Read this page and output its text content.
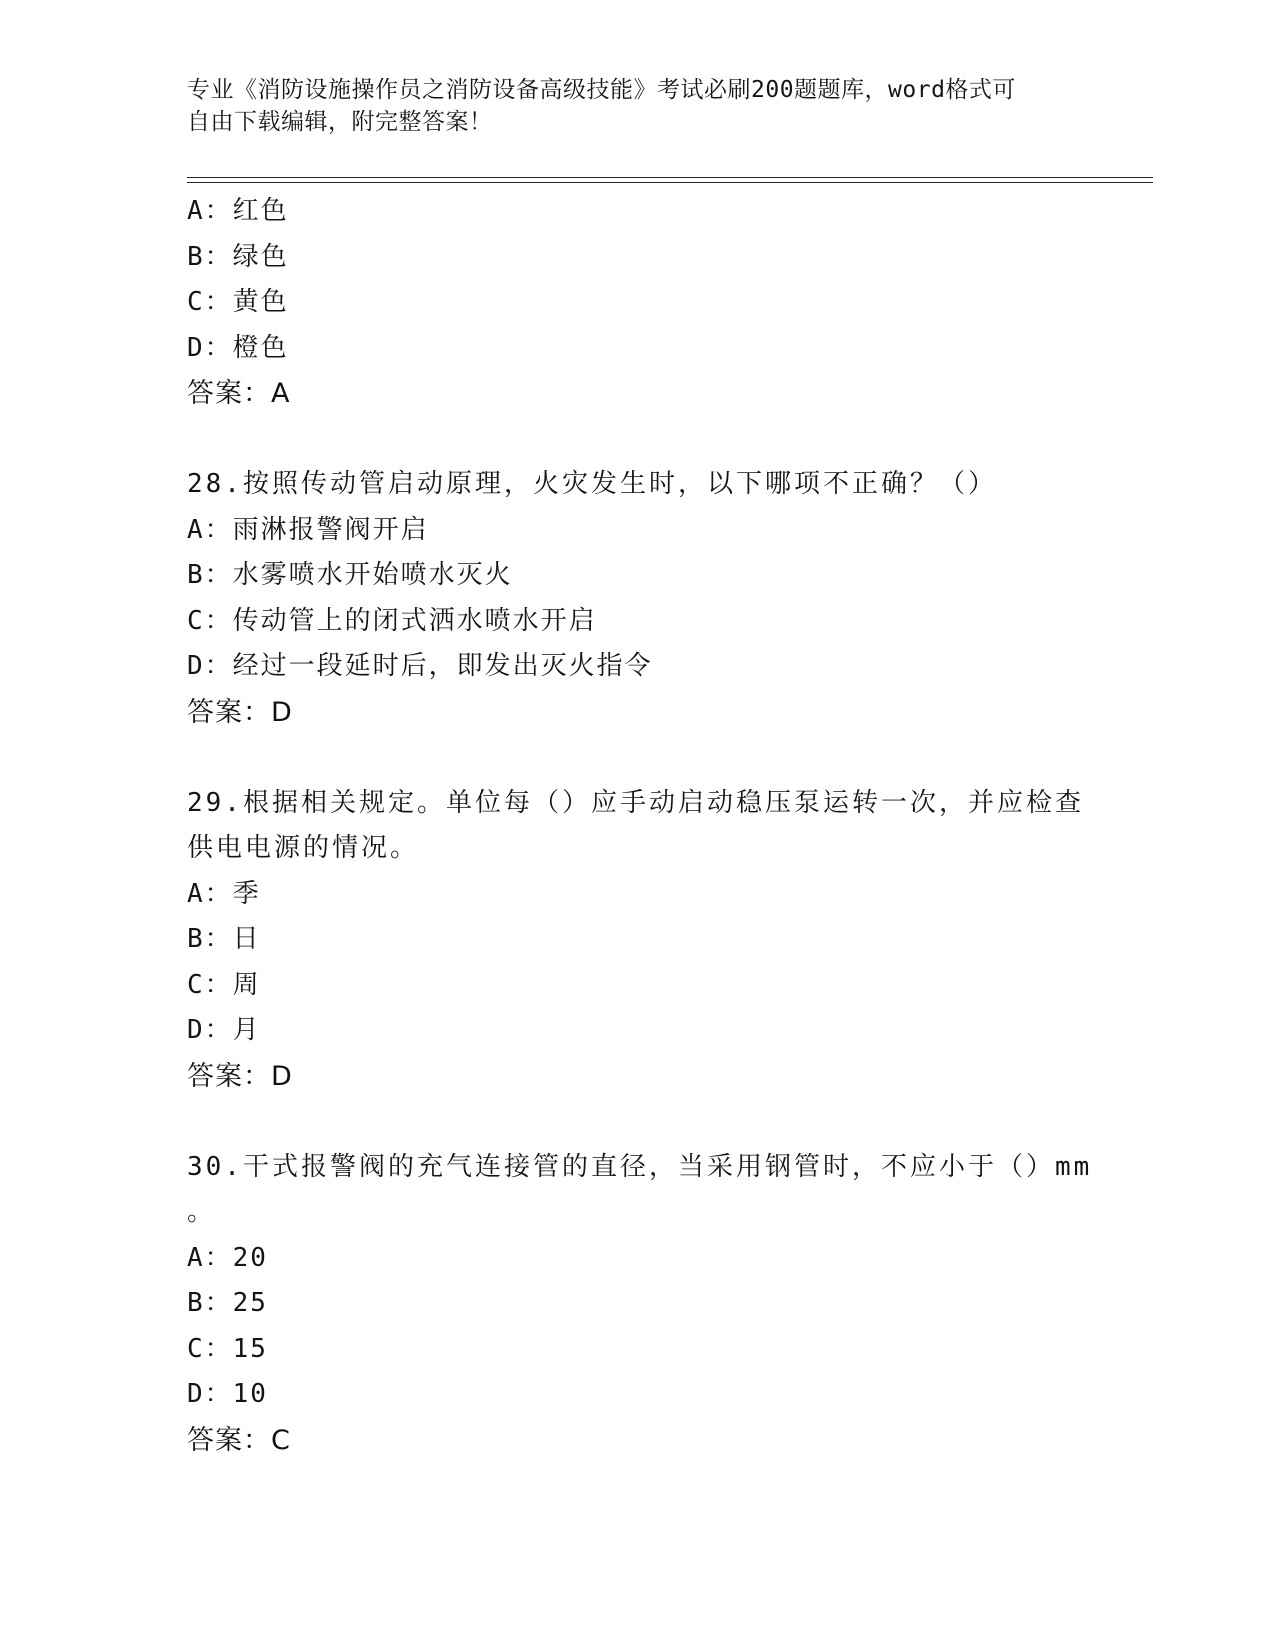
专业《消防设施操作员之消防设备高级技能》考试必刷200题题库，word格式可
自由下载编辑，附完整答案！
A：红色
B：绿色
C：黄色
D：橙色
答案：A
28.按照传动管启动原理，火灾发生时，以下哪项不正确？（）
A：雨淋报警阀开启
B：水雾喷水开始喷水灭火
C：传动管上的闭式洒水喷水开启
D：经过一段延时后，即发出灭火指令
答案：D
29.根据相关规定。单位每（）应手动启动稳压泵运转一次，并应检查
供电电源的情况。
A：季
B：日
C：周
D：月
答案：D
30.干式报警阀的充气连接管的直径，当采用钢管时，不应小于（）mm
。
A：20
B：25
C：15
D：10
答案：C
